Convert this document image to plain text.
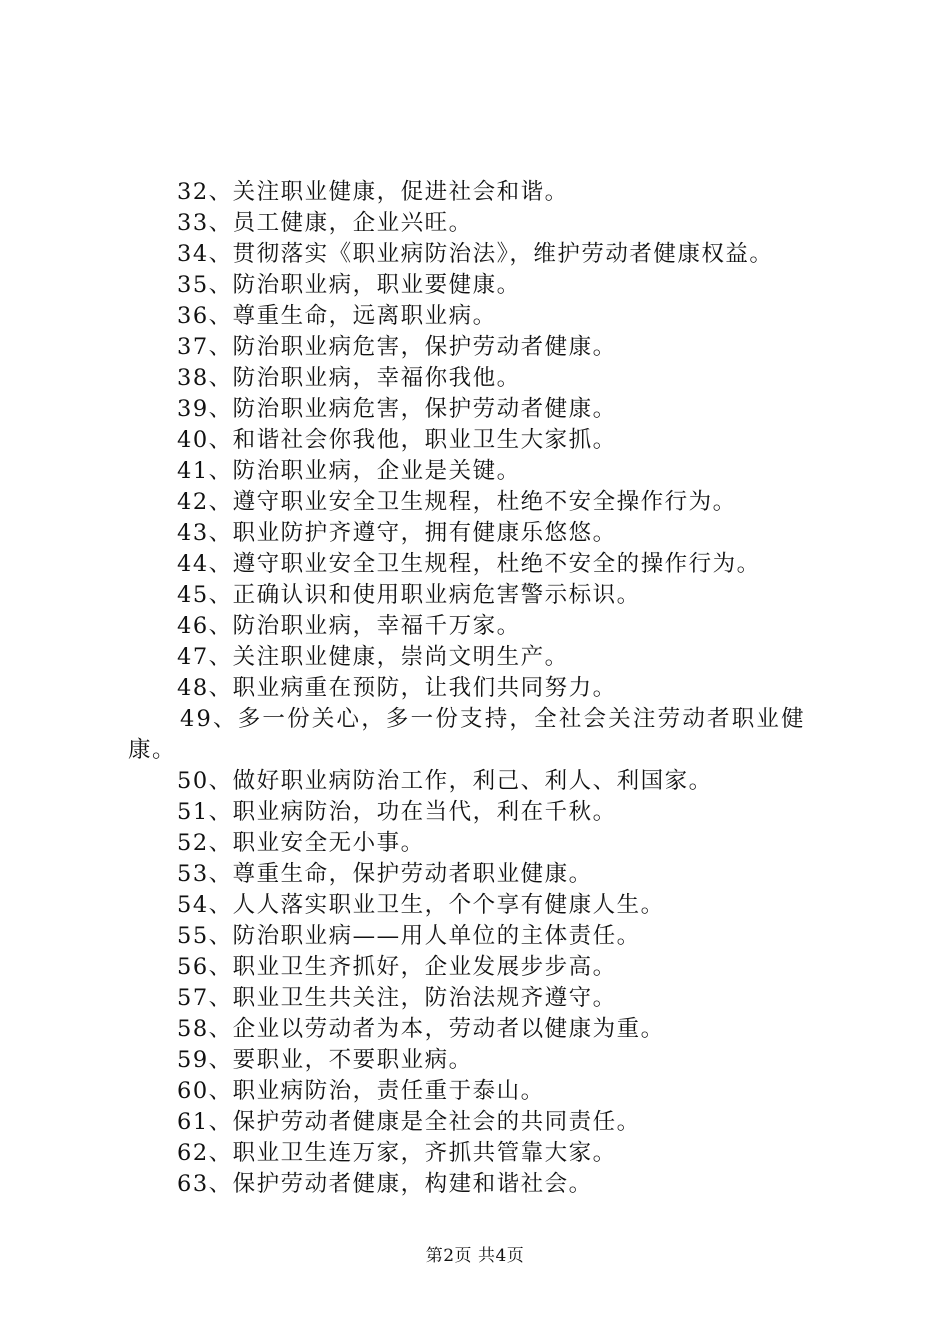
32、关注职业健康，促进社会和谐。
33、员工健康，企业兴旺。
34、贯彻落实《职业病防治法》，维护劳动者健康权益。
35、防治职业病，职业要健康。
36、尊重生命，远离职业病。
37、防治职业病危害，保护劳动者健康。
38、防治职业病，幸福你我他。
39、防治职业病危害，保护劳动者健康。
40、和谐社会你我他，职业卫生大家抓。
41、防治职业病，企业是关键。
42、遵守职业安全卫生规程，杜绝不安全操作行为。
43、职业防护齐遵守，拥有健康乐悠悠。
44、遵守职业安全卫生规程，杜绝不安全的操作行为。
45、正确认识和使用职业病危害警示标识。
46、防治职业病，幸福千万家。
47、关注职业健康，崇尚文明生产。
48、职业病重在预防，让我们共同努力。
49、多一份关心，多一份支持，全社会关注劳动者职业健
康。
50、做好职业病防治工作，利己、利人、利国家。
51、职业病防治，功在当代，利在千秋。
52、职业安全无小事。
53、尊重生命，保护劳动者职业健康。
54、人人落实职业卫生，个个享有健康人生。
55、防治职业病——用人单位的主体责任。
56、职业卫生齐抓好，企业发展步步高。
57、职业卫生共关注，防治法规齐遵守。
58、企业以劳动者为本，劳动者以健康为重。
59、要职业，不要职业病。
60、职业病防治，责任重于泰山。
61、保护劳动者健康是全社会的共同责任。
62、职业卫生连万家，齐抓共管靠大家。
63、保护劳动者健康，构建和谐社会。
第2页 共4页
